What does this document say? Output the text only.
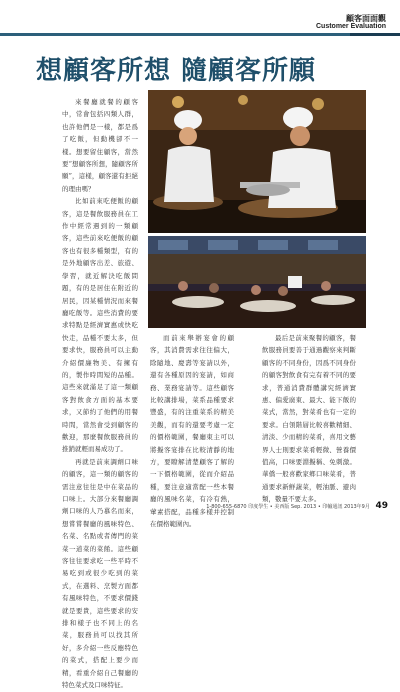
顧客面面觀
Customer Evaluation
想顧客所想 隨顧客所願

來餐廳就餐的顧客中，常會包括四類人群，也許他們是一樣，都是爲了吃飯，但動機卻不一樣。想要留住顧客，當然要“想顧客所想，隨顧客所願”，這樣，顧客還有拒絕的理由嗎？

比如前來吃便飯的顧客，這是餐飲服務員在工作中經常遇到的一類顧客，這些前來吃便飯的顧客也有很多種類型，有的是外地顧客出差、旅遊、學習，就近解決吃飯問題，有的是居住在附近的居民，因某種情況而來餐廳吃飯等。這些消費的要求特點是經濟實惠或快吃快走，品種不要太多，但要求快，服務員可以主動介紹價廉物美、有擁有的，製作時間短的品種。這些來就滿足了這一類顧客對飲食方面的基本要求，又節約了他們的用餐時間，當然會受到顧客的歡迎，那麼餐飲服務員的推銷就輕而易成功了。

再就是前來調劑口味的顧客，這一類的顧客的需注意往往是中在菜品的口味上。大部分來餐廳調劑口味的人乃慕名而來，想嘗嘗餐廳的風味特色、名菜、名點或者傳門的菜菜一道菜的菜餚。這些顧客往往要求吃一些平時不易吃到或很少吃到的菜式，在選料、烹製方面都有風味特色，不要求價錢就是要貴，這些要求的安排和樣子也不同上的名菜，服務員可以找其所好，多介紹一些反應特色的菜式，搭配上要少而精，看重介紹自己餐廳的特色菜式及口味特征。

而前來舉辦宴會的顧客，其消費需求往往偏大，除隨地、慶壽等宴請以外，還有各種原因的宴請，如商務、業務宴請等。這些顧客比較講排場，菜系品種要求豐盛，有的注重菜系的精美美觀，而有的還要考慮一定的價格範圍，餐廳東主可以將擬客宴排在比較清靜的地方，要瞭解清楚顧客了解的一下價格範圍，從而介紹品種，要注意適當配一些本餐廳的風味名菜，有冷有熱，葷素搭配，品種多樣并控制在價格範圍內。

最后是前來聚餐的顧客，餐飲服務員要善于通過觀察來判斷顧客的不同身份，因爲不同身份的顧客對飲食有完有着不同的要求，普通消費群體講究經濟實惠、偏愛廣東、最大、能下飯的菜式，當然，對菜肴也有一定的要求。白領階層比較喜歡精細、清淡、少而精的菜肴，喜用文藝界人士則要求菜肴輕微、營養價值高，口味要淵擬稱、免刺激。華僑一般喜歡家鄉口味菜肴，普通要求新鮮蔬菜，輕油脈、避肉類，數量不要太多。

1-800-655-6870 印度學生 • 美西版 Sep. 2013 • 印輸通訊 2013年9月 49
